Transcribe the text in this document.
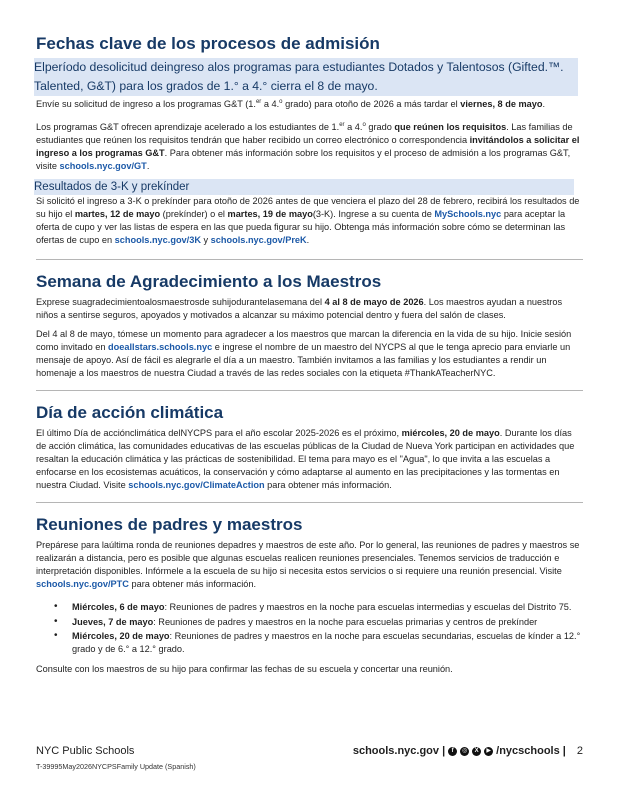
Fechas clave de los procesos de admisión
Elperíodo desolicitud deingreso alos programas para estudiantes Dotados y Talentosos (Gifted.™. Talented, G&T) para los grados de 1.° a 4.° cierra el 8 de mayo.

Envíe su solicitud de ingreso a los programas G&T (1.$^{er}$ a 4.$^o$ grado) para otoño de 2026 a más tardar el viernes, 8 de mayo.

Los programas G&T ofrecen aprendizaje acelerado a los estudiantes de 1.$^{er}$ a 4.$^o$ grado que reúnen los requisitos. Las familias de estudiantes que reúnen los requisitos tendrán que haber recibido un correo electrónico o correspondencia invitándolos a solicitar el ingreso a los programas G&T. Para obtener más información sobre los requisitos y el proceso de admisión a los programas G&T, visite schools.nyc.gov/GT.

Resultados de 3-K y prekínder

Si solicitó el ingreso a 3-K o prekínder para otoño de 2026 antes de que venciera el plazo del 28 de febrero, recibirá los resultados de su hijo el martes, 12 de mayo (prekínder) o el martes, 19 de mayo(3-K). Ingrese a su cuenta de MySchools.nyc para aceptar la oferta de cupo y ver las listas de espera en las que pueda figurar su hijo. Obtenga más información sobre cómo se determinan las ofertas de cupo en schools.nyc.gov/3K y schools.nyc.gov/PreK.

Semana de Agradecimiento a los Maestros

Exprese suagradecimientoalosmaestrosde suhijodurantelasemana del 4 al 8 de mayo de 2026. Los maestros ayudan a nuestros niños a sentirse seguros, apoyados y motivados a alcanzar su máximo potencial dentro y fuera del salón de clases.

Del 4 al 8 de mayo, tómese un momento para agradecer a los maestros que marcan la diferencia en la vida de su hijo. Inicie sesión como invitado en doeallstars.schools.nyc e ingrese el nombre de un maestro del NYCPS al que le tenga aprecio para enviarle un mensaje de apoyo. Así de fácil es alegrarle el día a un maestro. También invitamos a las familias y los estudiantes a rendir un homenaje a los maestros de nuestra Ciudad a través de las redes sociales con la etiqueta #ThankATeacherNYC.

Día de acción climática

El último Día de acciónclimática delNYCPS para el año escolar 2025-2026 es el próximo, miércoles, 20 de mayo. Durante los días de acción climática, las comunidades educativas de las escuelas públicas de la Ciudad de Nueva York participan en actividades que resaltan la educación climática y las prácticas de sostenibilidad. El tema para mayo es el "Agua", lo que invita a las escuelas a enfocarse en los ecosistemas acuáticos, la conservación y cómo adaptarse al aumento en las precipitaciones y las tormentas en nuestra Ciudad. Visite schools.nyc.gov/ClimateAction para obtener más información.

Reuniones de padres y maestros

Prepárese para laúltima ronda de reuniones depadres y maestros de este año. Por lo general, las reuniones de padres y maestros se realizarán a distancia, pero es posible que algunas escuelas realicen reuniones presenciales. Tenemos servicios de traducción e interpretación disponibles. Infórmele a la escuela de su hijo si necesita estos servicios o si requiere una reunión presencial. Visite schools.nyc.gov/PTC para obtener más información.

• Miércoles, 6 de mayo: Reuniones de padres y maestros en la noche para escuelas intermedias y escuelas del Distrito 75.
• Jueves, 7 de mayo: Reuniones de padres y maestros en la noche para escuelas primarias y centros de prekínder
• Miércoles, 20 de mayo: Reuniones de padres y maestros en la noche para escuelas secundarias, escuelas de kínder a 12.° grado y de 6.° a 12.° grado.

Consulte con los maestros de su hijo para confirmar las fechas de su escuela y concertar una reunión.

NYC Public Schools
T-39995May2026NYCPSFamily Update (Spanish)
schools.nyc.gov |	f	◎	X	▶ /nycschools | 2
